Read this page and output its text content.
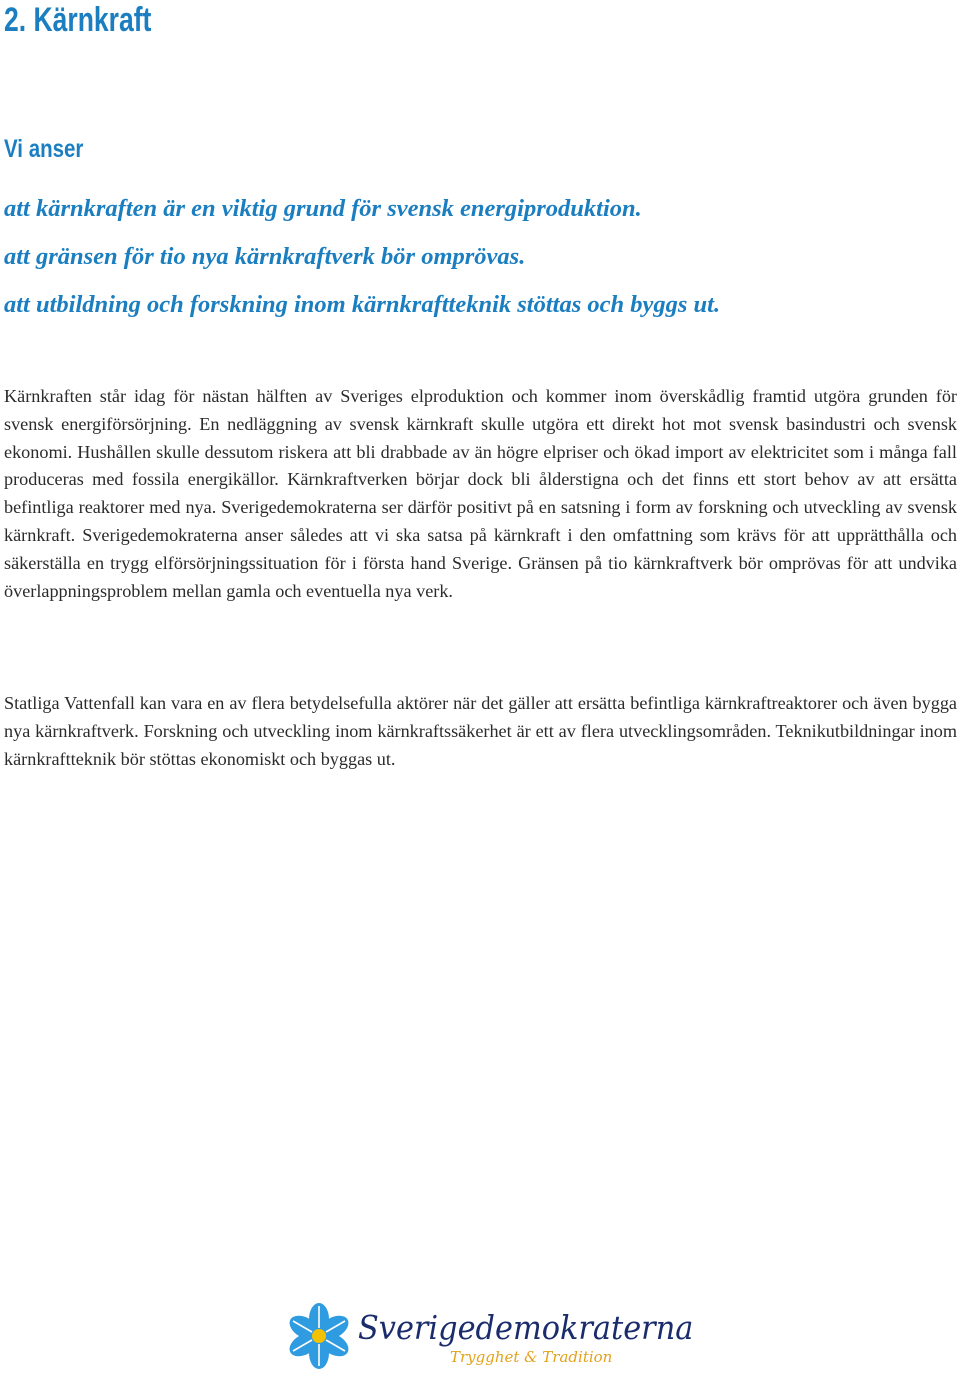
2. Kärnkraft
Vi anser
att kärnkraften är en viktig grund för svensk energiproduktion.
att gränsen för tio nya kärnkraftverk bör omprövas.
att utbildning och forskning inom kärnkraftteknik stöttas och byggs ut.

Kärnkraften står idag för nästan hälften av Sveriges elproduktion och kommer inom överskådlig framtid utgöra grunden för svensk energiförsörjning. En nedläggning av svensk kärnkraft skulle utgöra ett direkt hot mot svensk basindustri och svensk ekonomi. Hushållen skulle dessutom riskera att bli drabbade av än högre elpriser och ökad import av elektricitet som i många fall produceras med fossila energikällor. Kärnkraftverken börjar dock bli ålderstigna och det finns ett stort behov av att ersätta befintliga reaktorer med nya. Sverigedemokraterna ser därför positivt på en satsning i form av forskning och utveckling av svensk kärnkraft. Sverigedemokraterna anser således att vi ska satsa på kärnkraft i den omfattning som krävs för att upprätthålla och säkerställa en trygg elförsörjningssituation för i första hand Sverige. Gränsen på tio kärnkraftverk bör omprövas för att undvika överlappningsproblem mellan gamla och eventuella nya verk.

Statliga Vattenfall kan vara en av flera betydelsefulla aktörer när det gäller att ersätta befintliga kärnkraftreaktorer och även bygga nya kärnkraftverk. Forskning och utveckling inom kärnkraftssäkerhet är ett av flera utvecklingsområden. Teknikutbildningar inom kärnkraftteknik bör stöttas ekonomiskt och byggas ut.

Sverigedemokraterna
Trygghet & Tradition
